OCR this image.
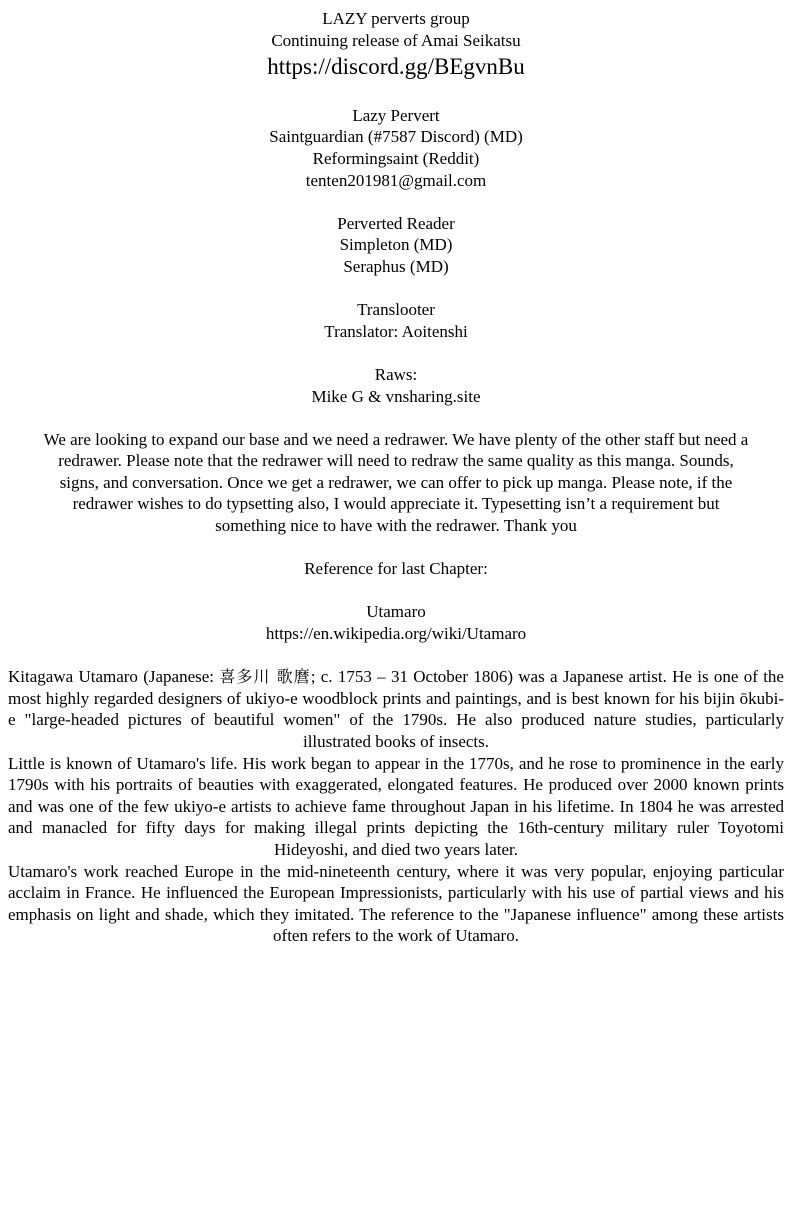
LAZY perverts group
Continuing release of Amai Seikatsu
https://discord.gg/BEgvnBu
Lazy Pervert
Saintguardian (#7587 Discord) (MD)
Reformingsaint (Reddit)
tenten201981@gmail.com
Perverted Reader
Simpleton (MD)
Seraphus (MD)
Translooter
Translator: Aoitenshi
Raws:
Mike G & vnsharing.site
We are looking to expand our base and we need a redrawer. We have plenty of the other staff but need a
redrawer. Please note that the redrawer will need to redraw the same quality as this manga. Sounds,
signs, and conversation. Once we get a redrawer, we can offer to pick up manga. Please note, if the
redrawer wishes to do typsetting also, I would appreciate it. Typesetting isn’t a requirement but
something nice to have with the redrawer. Thank you
Reference for last Chapter:
Utamaro
https://en.wikipedia.org/wiki/Utamaro
Kitagawa Utamaro (Japanese: 喜多川 歌麿; c. 1753 – 31 October 1806) was a Japanese artist. He is one of the most highly regarded designers of ukiyo-e woodblock prints and paintings, and is best known for his bijin ōkubi-e "large-headed pictures of beautiful women" of the 1790s. He also produced nature studies, particularly illustrated books of insects.
Little is known of Utamaro's life. His work began to appear in the 1770s, and he rose to prominence in the early 1790s with his portraits of beauties with exaggerated, elongated features. He produced over 2000 known prints and was one of the few ukiyo-e artists to achieve fame throughout Japan in his lifetime. In 1804 he was arrested and manacled for fifty days for making illegal prints depicting the 16th-century military ruler Toyotomi Hideyoshi, and died two years later.
Utamaro's work reached Europe in the mid-nineteenth century, where it was very popular, enjoying particular acclaim in France. He influenced the European Impressionists, particularly with his use of partial views and his emphasis on light and shade, which they imitated. The reference to the "Japanese influence" among these artists often refers to the work of Utamaro.
